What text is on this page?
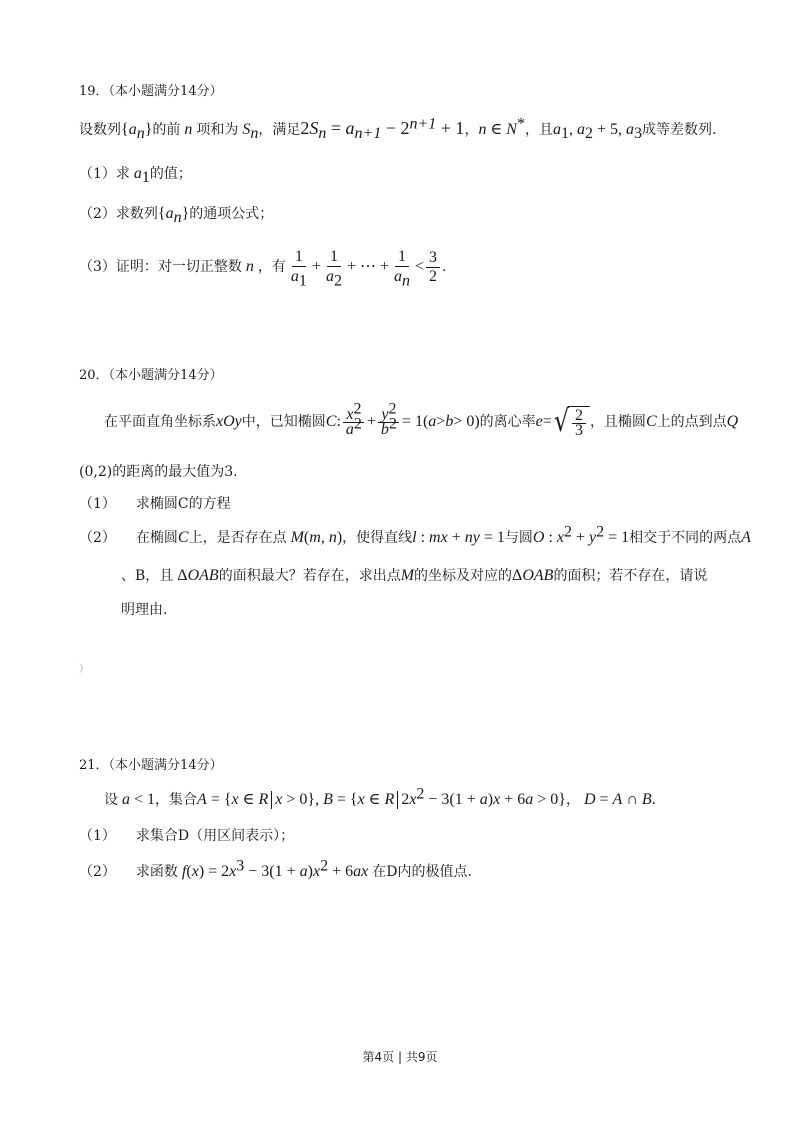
19．（本小题满分14分）
设数列$\{a_n\}$的前 n 项和为 $S_n$，满足$2S_n = a_{n+1} - 2^{n+1} + 1$，n ∈ N*，且$a_1$, $a_2 + 5$, $a_3$成等差数列.
（1）求 $a_1$的值；
（2）求数列$\{a_n\}$的通项公式；
（3）证明：对一切正整数 n ，有 $\frac{1}{a_1} + \frac{1}{a_2}$ + ⋯ + $\frac{1}{a_n} < \frac{3}{2}$ .
20．（本小题满分14分）
在平面直角坐标系 xOy 中，已知椭圆 C : $\frac{x^2}{a^2} + \frac{y^2}{b^2} = 1$( a > b > 0) 的离心率 e = √ $\frac{2}{3}$ ，且椭圆 C 上的点到点 Q
(0,2)的距离的最大值为3.
（1） 求椭圆C的方程
（2） 在椭圆C上，是否存在点 M(m, n)，使得直线l : mx + ny = 1与圆O : $x^2 + y^2 = 1$相交于不同的两点A
、B，且 ΔOAB的面积最大？若存在，求出点M的坐标及对应的ΔOAB的面积；若不存在，请说
明理由.
）
21．（本小题满分14分）
设 a < 1，集合A = {x ∈ R x > 0}, B = {x ∈ R $2x^2 - 3(1 + a)x + 6a > 0$}， D = A ∩ B.
（1） 求集合D（用区间表示）；
（2） 求函数 $f(x) = 2x^3 - 3(1 + a)x^2 + 6ax$ 在D内的极值点.
第4页 | 共9页
